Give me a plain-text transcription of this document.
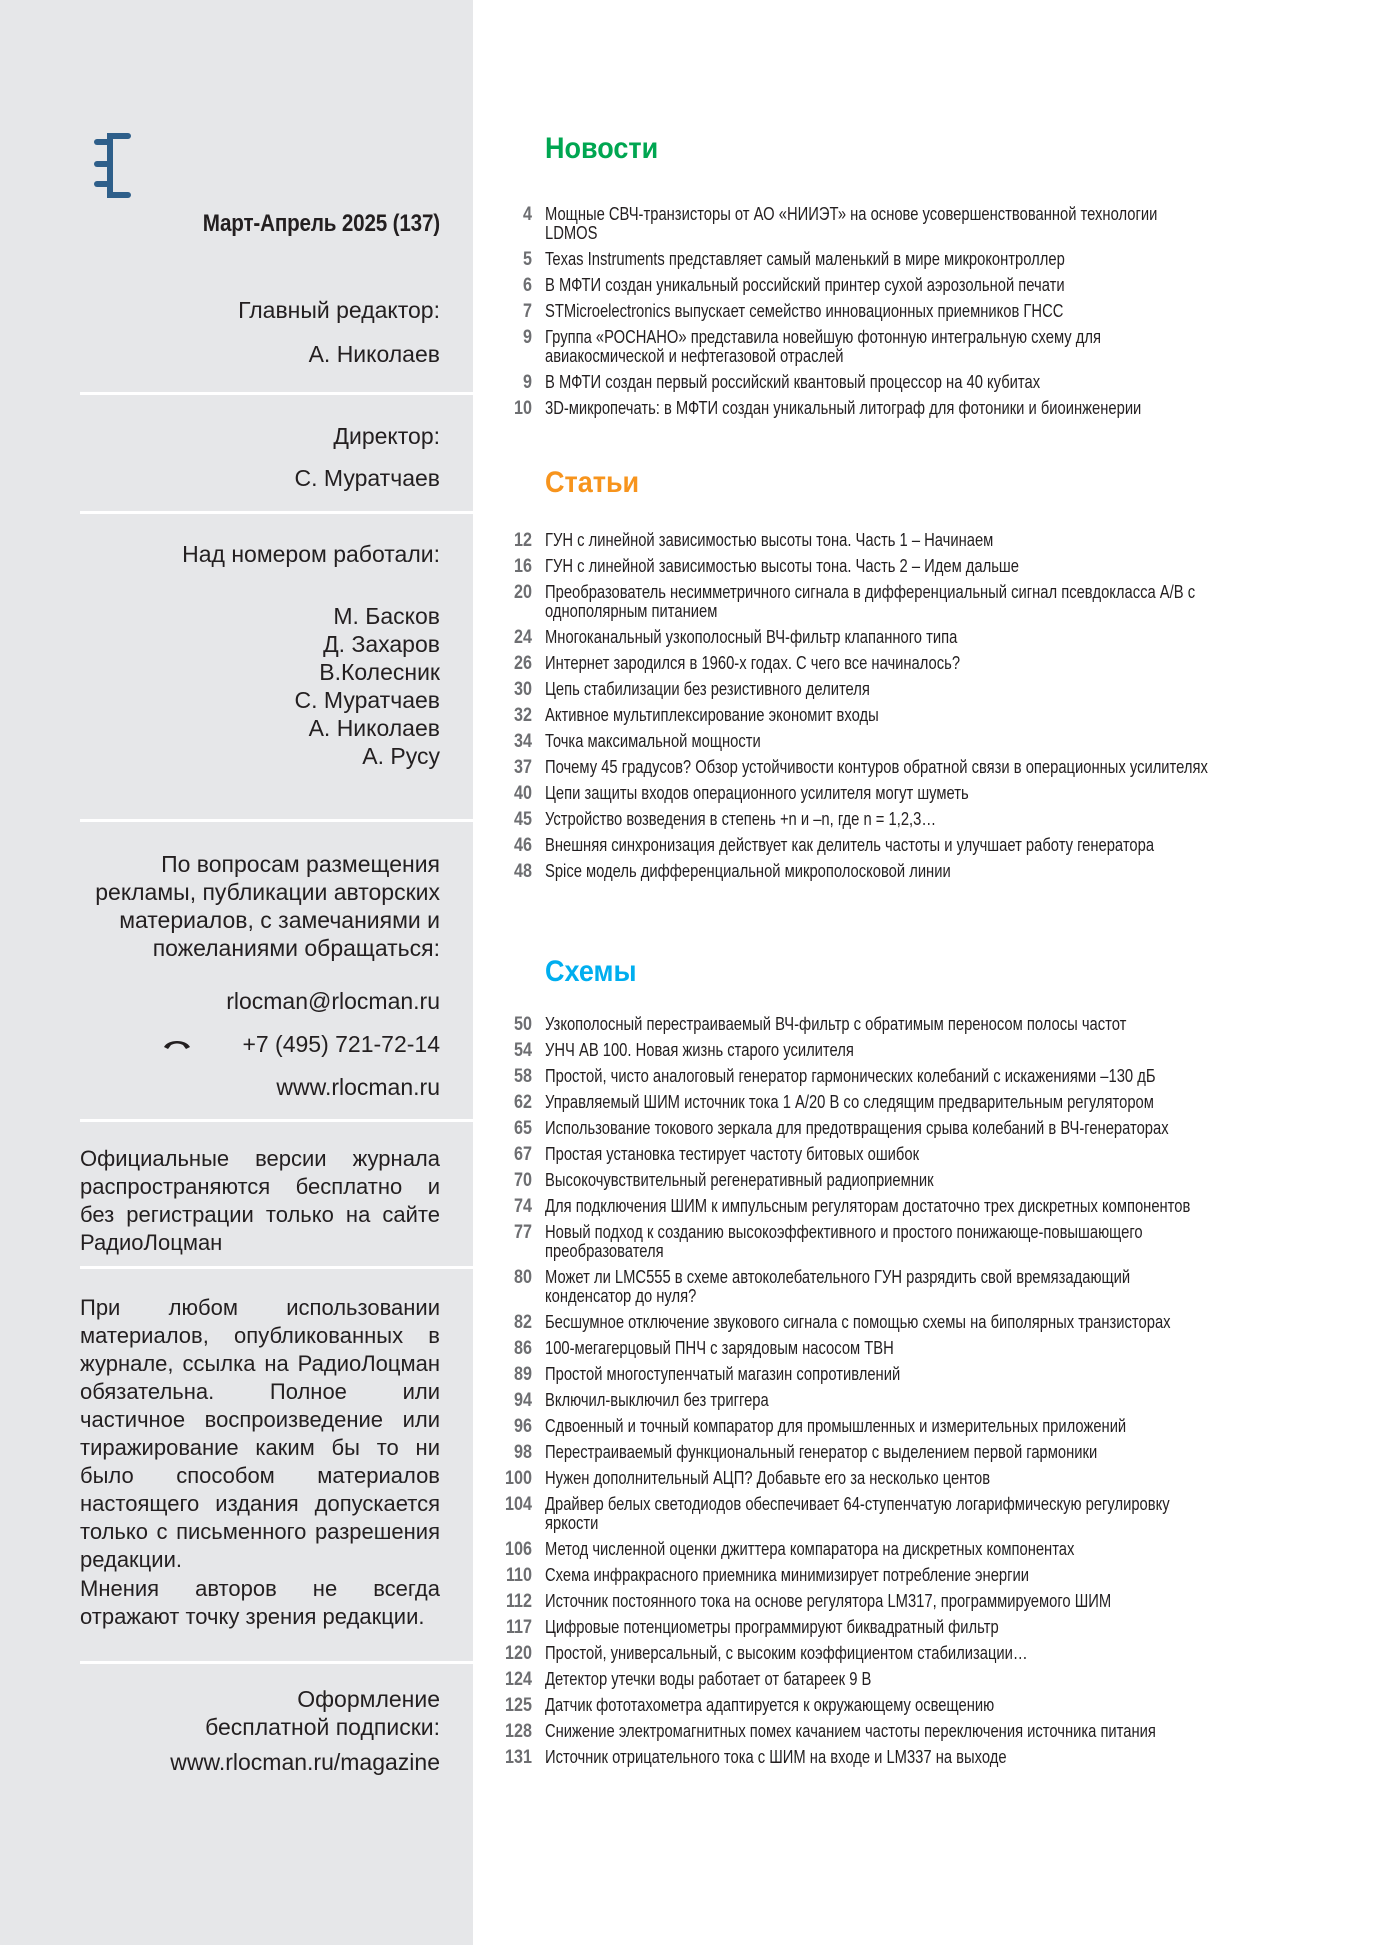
Март-Апрель 2025 (137)
Главный редактор:
А. Николаев
Директор:
С. Муратчаев
Над номером работали:
М. Басков
Д. Захаров
В.Колесник
С. Муратчаев
А. Николаев
А. Русу
По вопросам размещения рекламы, публикации авторских материалов, с замечаниями и пожеланиями обращаться:
rlocman@rlocman.ru
+7 (495) 721-72-14
www.rlocman.ru
Официальные версии журнала распространяются бесплатно и без регистрации только на сайте РадиоЛоцман
При любом использовании материалов, опубликованных в журнале, ссылка на РадиоЛоцман обязательна. Полное или частичное воспроизведение или тиражирование каким бы то ни было способом материалов настоящего издания допускается только с письменного разрешения редакции.
Мнения авторов не всегда отражают точку зрения редакции.
Оформление бесплатной подписки:
www.rlocman.ru/magazine
Новости
4 Мощные СВЧ-транзисторы от АО «НИИЭТ» на основе усовершенствованной технологии LDMOS
5 Texas Instruments представляет самый маленький в мире микроконтроллер
6 В МФТИ создан уникальный российский принтер сухой аэрозольной печати
7 STMicroelectronics выпускает семейство инновационных приемников ГНСС
9 Группа «РОСНАНО» представила новейшую фотонную интегральную схему для авиакосмической и нефтегазовой отраслей
9 В МФТИ создан первый российский квантовый процессор на 40 кубитах
10 3D-микропечать: в МФТИ создан уникальный литограф для фотоники и биоинженерии
Статьи
12 ГУН с линейной зависимостью высоты тона. Часть 1 – Начинаем
16 ГУН с линейной зависимостью высоты тона. Часть 2 – Идем дальше
20 Преобразователь несимметричного сигнала в дифференциальный сигнал псевдокласса A/B с однополярным питанием
24 Многоканальный узкополосный ВЧ-фильтр клапанного типа
26 Интернет зародился в 1960-х годах. С чего все начиналось?
30 Цепь стабилизации без резистивного делителя
32 Активное мультиплексирование экономит входы
34 Точка максимальной мощности
37 Почему 45 градусов? Обзор устойчивости контуров обратной связи в операционных усилителях
40 Цепи защиты входов операционного усилителя могут шуметь
45 Устройство возведения в степень +n и –n, где n = 1,2,3…
46 Внешняя синхронизация действует как делитель частоты и улучшает работу генератора
48 Spice модель дифференциальной микрополосковой линии
Схемы
50 Узкополосный перестраиваемый ВЧ-фильтр с обратимым переносом полосы частот
54 УНЧ АВ 100. Новая жизнь старого усилителя
58 Простой, чисто аналоговый генератор гармонических колебаний с искажениями –130 дБ
62 Управляемый ШИМ источник тока 1 A/20 В со следящим предварительным регулятором
65 Использование токового зеркала для предотвращения срыва колебаний в ВЧ-генераторах
67 Простая установка тестирует частоту битовых ошибок
70 Высокочувствительный регенеративный радиоприемник
74 Для подключения ШИМ к импульсным регуляторам достаточно трех дискретных компонентов
77 Новый подход к созданию высокоэффективного и простого понижающе-повышающего преобразователя
80 Может ли LMC555 в схеме автоколебательного ГУН разрядить свой времязадающий конденсатор до нуля?
82 Бесшумное отключение звукового сигнала с помощью схемы на биполярных транзисторах
86 100-мегагерцовый ПНЧ с зарядовым насосом ТВН
89 Простой многоступенчатый магазин сопротивлений
94 Включил-выключил без триггера
96 Сдвоенный и точный компаратор для промышленных и измерительных приложений
98 Перестраиваемый функциональный генератор с выделением первой гармоники
100 Нужен дополнительный АЦП? Добавьте его за несколько центов
104 Драйвер белых светодиодов обеспечивает 64-ступенчатую логарифмическую регулировку яркости
106 Метод численной оценки джиттера компаратора на дискретных компонентах
110 Схема инфракрасного приемника минимизирует потребление энергии
112 Источник постоянного тока на основе регулятора LM317, программируемого ШИМ
117 Цифровые потенциометры программируют биквадратный фильтр
120 Простой, универсальный, с высоким коэффициентом стабилизации…
124 Детектор утечки воды работает от батареек 9 В
125 Датчик фототахометра адаптируется к окружающему освещению
128 Снижение электромагнитных помех качанием частоты переключения источника питания
131 Источник отрицательного тока с ШИМ на входе и LM337 на выходе
